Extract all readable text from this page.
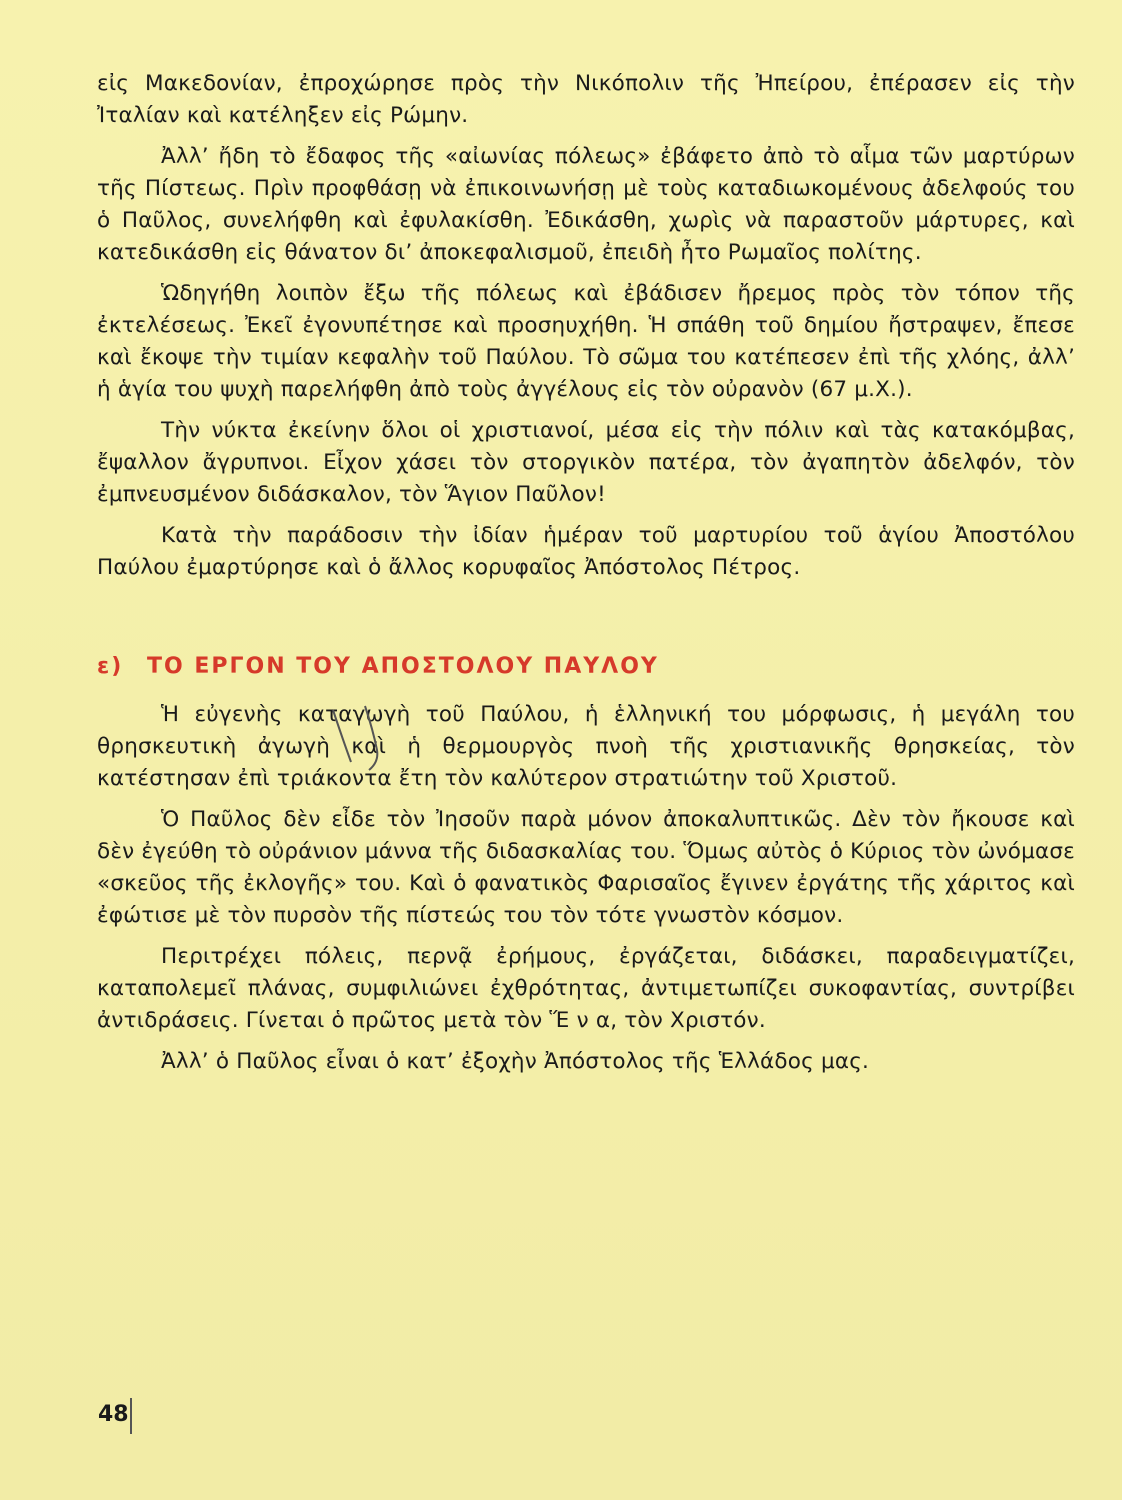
εἰς Μακεδονίαν, ἐπροχώρησε πρὸς τὴν Νικόπολιν τῆς Ἠπείρου, ἐπέρασεν εἰς τὴν Ἰταλίαν καὶ κατέληξεν εἰς Ρώμην.

Ἀλλ’ ἤδη τὸ ἔδαφος τῆς «αἰωνίας πόλεως» ἐβάφετο ἀπὸ τὸ αἷμα τῶν μαρτύρων τῆς Πίστεως. Πρὶν προφθάσῃ νὰ ἐπικοινωνήσῃ μὲ τοὺς καταδιωκομένους ἀδελφούς του ὁ Παῦλος, συνελήφθη καὶ ἐφυλακίσθη. Ἐδικάσθη, χωρὶς νὰ παραστοῦν μάρτυρες, καὶ κατεδικάσθη εἰς θάνατον δι’ ἀποκεφαλισμοῦ, ἐπειδὴ ἦτο Ρωμαῖος πολίτης.

Ὡδηγήθη λοιπὸν ἔξω τῆς πόλεως καὶ ἐβάδισεν ἤρεμος πρὸς τὸν τόπον τῆς ἐκτελέσεως. Ἐκεῖ ἐγονυπέτησε καὶ προσηυχήθη. Ἡ σπάθη τοῦ δημίου ἤστραψεν, ἔπεσε καὶ ἔκοψε τὴν τιμίαν κεφαλὴν τοῦ Παύλου. Τὸ σῶμα του κατέπεσεν ἐπὶ τῆς χλόης, ἀλλ’ ἡ ἁγία του ψυχὴ παρελήφθη ἀπὸ τοὺς ἀγγέλους εἰς τὸν οὐρανὸν (67 μ.Χ.).

Τὴν νύκτα ἐκείνην ὅλοι οἱ χριστιανοί, μέσα εἰς τὴν πόλιν καὶ τὰς κατακόμβας, ἔψαλλον ἄγρυπνοι. Εἶχον χάσει τὸν στοργικὸν πατέρα, τὸν ἀγαπητὸν ἀδελφόν, τὸν ἐμπνευσμένον διδάσκαλον, τὸν Ἅγιον Παῦλον!

Κατὰ τὴν παράδοσιν τὴν ἰδίαν ἡμέραν τοῦ μαρτυρίου τοῦ ἁγίου Ἀποστόλου Παύλου ἐμαρτύρησε καὶ ὁ ἄλλος κορυφαῖος Ἀπόστολος Πέτρος.

ε) ΤΟ ΕΡΓΟΝ ΤΟΥ ΑΠΟΣΤΟΛΟΥ ΠΑΥΛΟΥ

Ἡ εὐγενὴς καταγωγὴ τοῦ Παύλου, ἡ ἑλληνική του μόρφωσις, ἡ μεγάλη του θρησκευτικὴ ἀγωγὴ καὶ ἡ θερμουργὸς πνοὴ τῆς χριστιανικῆς θρησκείας, τὸν κατέστησαν ἐπὶ τριάκοντα ἔτη τὸν καλύτερον στρατιώτην τοῦ Χριστοῦ.

Ὁ Παῦλος δὲν εἶδε τὸν Ἰησοῦν παρὰ μόνον ἀποκαλυπτικῶς. Δὲν τὸν ἤκουσε καὶ δὲν ἐγεύθη τὸ οὐράνιον μάννα τῆς διδασκαλίας του. Ὅμως αὐτὸς ὁ Κύριος τὸν ὠνόμασε «σκεῦος τῆς ἐκλογῆς» του. Καὶ ὁ φανατικὸς Φαρισαῖος ἔγινεν ἐργάτης τῆς χάριτος καὶ ἐφώτισε μὲ τὸν πυρσὸν τῆς πίστεώς του τὸν τότε γνωστὸν κόσμον.

Περιτρέχει πόλεις, περνᾷ ἐρήμους, ἐργάζεται, διδάσκει, παραδειγματίζει, καταπολεμεῖ πλάνας, συμφιλιώνει ἐχθρότητας, ἀντιμετωπίζει συκοφαντίας, συντρίβει ἀντιδράσεις. Γίνεται ὁ πρῶτος μετὰ τὸν Ἕ ν α, τὸν Χριστόν.

Ἀλλ’ ὁ Παῦλος εἶναι ὁ κατ’ ἐξοχὴν Ἀπόστολος τῆς Ἑλλάδος μας.

48
